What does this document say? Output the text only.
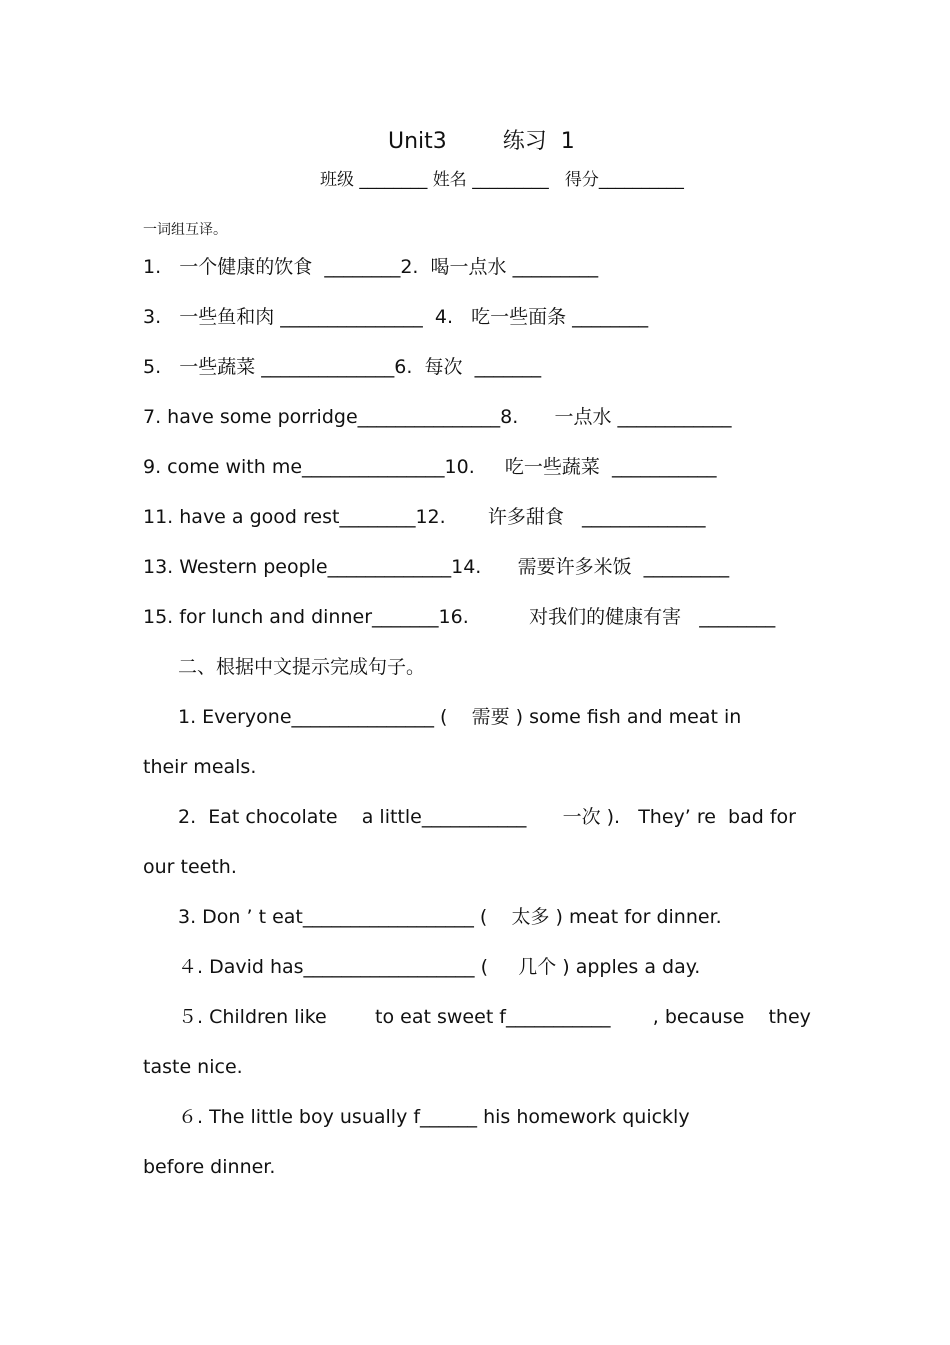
Unit3        练习  1
班级 ________ 姓名 _________   得分__________
一词组互译。
1.   一个健康的饮食  ________2.  喝一点水 _________
3.   一些鱼和肉 _______________  4.   吃一些面条 ________
5.   一些蔬菜 ______________6.  每次  _______
7. have some porridge_______________8.      一点水 ____________
9. come with me_______________10.     吃一些蔬菜  ___________
11. have a good rest________12.       许多甜食   _____________
13. Western people_____________14.      需要许多米饭  _________
15. for lunch and dinner_______16.          对我们的健康有害   ________
二、根据中文提示完成句子。
1. Everyone_______________ (    需要 ) some fish and meat in
their meals.
2.  Eat chocolate    a little___________      一次 ).   They’ re  bad for
our teeth.
3. Don ’ t eat__________________ (    太多 ) meat for dinner.
４. David has__________________ (     几个 ) apples a day.
５. Children like        to eat sweet f___________       , because    they
taste nice.
６. The little boy usually f______ his homework quickly
before dinner.
